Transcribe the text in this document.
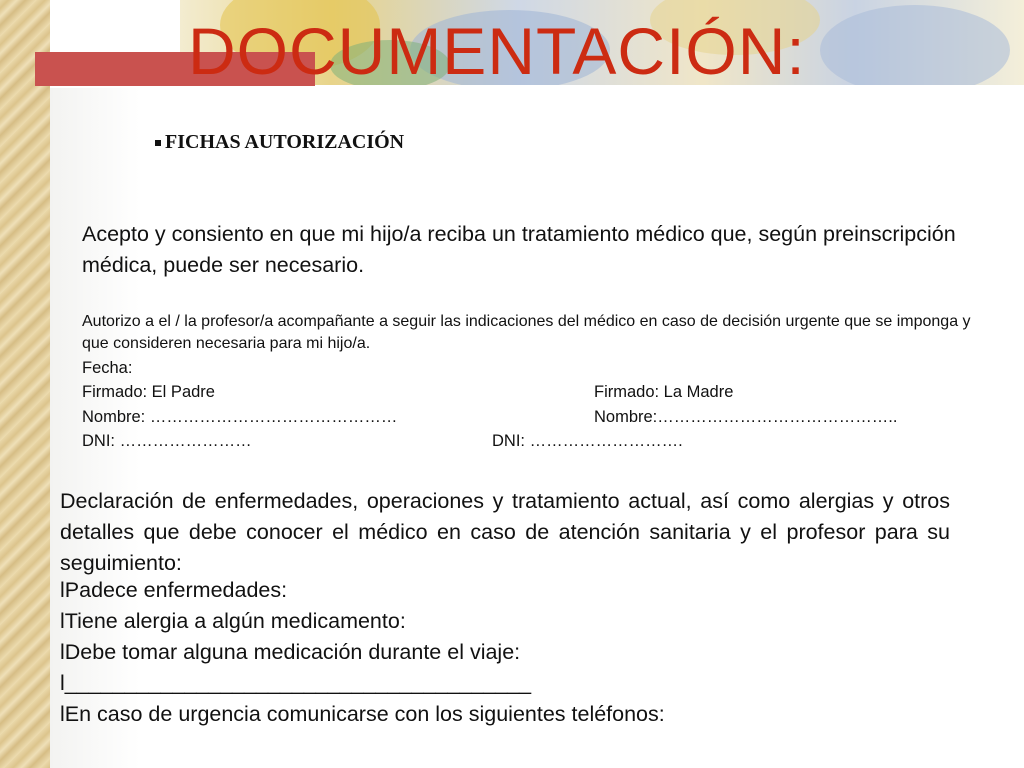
DOCUMENTACIÓN:
FICHAS AUTORIZACIÓN
Acepto y consiento en que mi hijo/a reciba un tratamiento médico que, según preinscripción médica, puede ser necesario.
Autorizo a el / la profesor/a acompañante a seguir las indicaciones del médico en caso de decisión urgente que se imponga y que consideren necesaria para mi hijo/a.
Fecha:
Firmado: El Padre	Firmado: La Madre
Nombre: ………………………………………	Nombre:……………………………………..
DNI: ……………………	DNI: ……………………….
Declaración de enfermedades, operaciones y tratamiento actual, así como alergias y otros detalles que debe conocer el médico en caso de atención sanitaria y el profesor para su seguimiento:
lPadece enfermedades:
lTiene alergia a algún medicamento:
lDebe tomar alguna medicación durante el viaje:
l_______________________________________
lEn caso de urgencia comunicarse con los siguientes teléfonos:
